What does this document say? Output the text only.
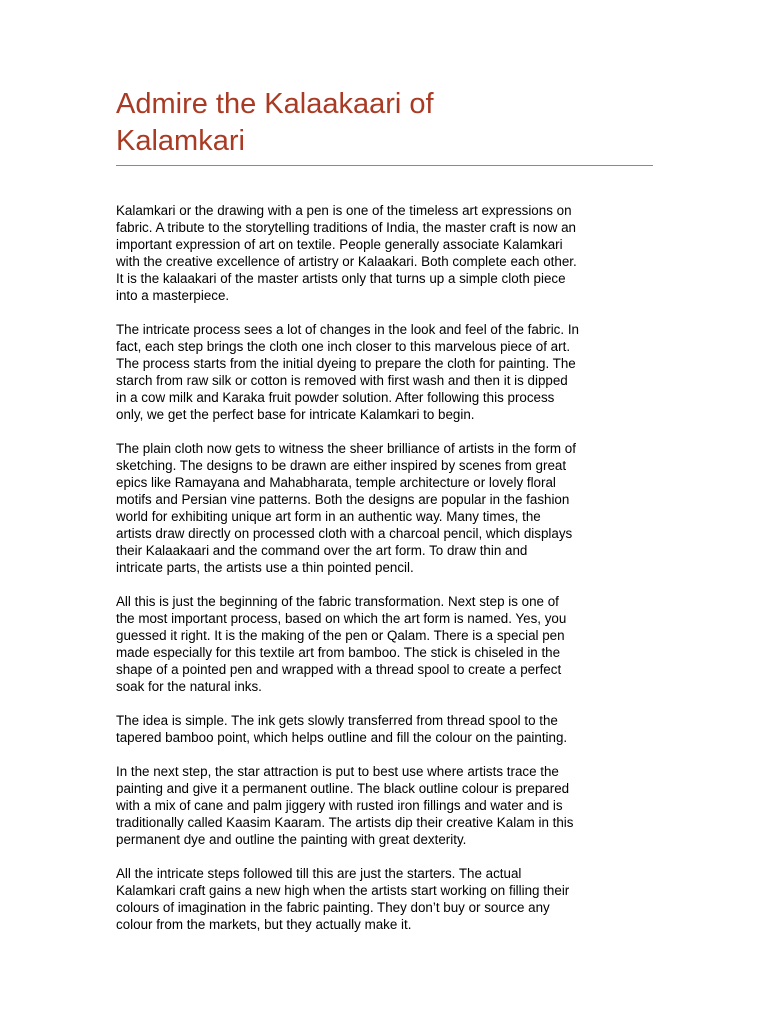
Admire the Kalaakaari of
Kalamkari

Kalamkari or the drawing with a pen is one of the timeless art expressions on
fabric. A tribute to the storytelling traditions of India, the master craft is now an
important expression of art on textile. People generally associate Kalamkari
with the creative excellence of artistry or Kalaakari. Both complete each other.
It is the kalaakari of the master artists only that turns up a simple cloth piece
into a masterpiece.

The intricate process sees a lot of changes in the look and feel of the fabric. In
fact, each step brings the cloth one inch closer to this marvelous piece of art.
The process starts from the initial dyeing to prepare the cloth for painting. The
starch from raw silk or cotton is removed with first wash and then it is dipped
in a cow milk and Karaka fruit powder solution. After following this process
only, we get the perfect base for intricate Kalamkari to begin.

The plain cloth now gets to witness the sheer brilliance of artists in the form of
sketching. The designs to be drawn are either inspired by scenes from great
epics like Ramayana and Mahabharata, temple architecture or lovely floral
motifs and Persian vine patterns. Both the designs are popular in the fashion
world for exhibiting unique art form in an authentic way. Many times, the
artists draw directly on processed cloth with a charcoal pencil, which displays
their Kalaakaari and the command over the art form. To draw thin and
intricate parts, the artists use a thin pointed pencil.

All this is just the beginning of the fabric transformation. Next step is one of
the most important process, based on which the art form is named. Yes, you
guessed it right. It is the making of the pen or Qalam. There is a special pen
made especially for this textile art from bamboo. The stick is chiseled in the
shape of a pointed pen and wrapped with a thread spool to create a perfect
soak for the natural inks.

The idea is simple. The ink gets slowly transferred from thread spool to the
tapered bamboo point, which helps outline and fill the colour on the painting.

In the next step, the star attraction is put to best use where artists trace the
painting and give it a permanent outline. The black outline colour is prepared
with a mix of cane and palm jiggery with rusted iron fillings and water and is
traditionally called Kaasim Kaaram. The artists dip their creative Kalam in this
permanent dye and outline the painting with great dexterity.

All the intricate steps followed till this are just the starters. The actual
Kalamkari craft gains a new high when the artists start working on filling their
colours of imagination in the fabric painting. They don’t buy or source any
colour from the markets, but they actually make it.
